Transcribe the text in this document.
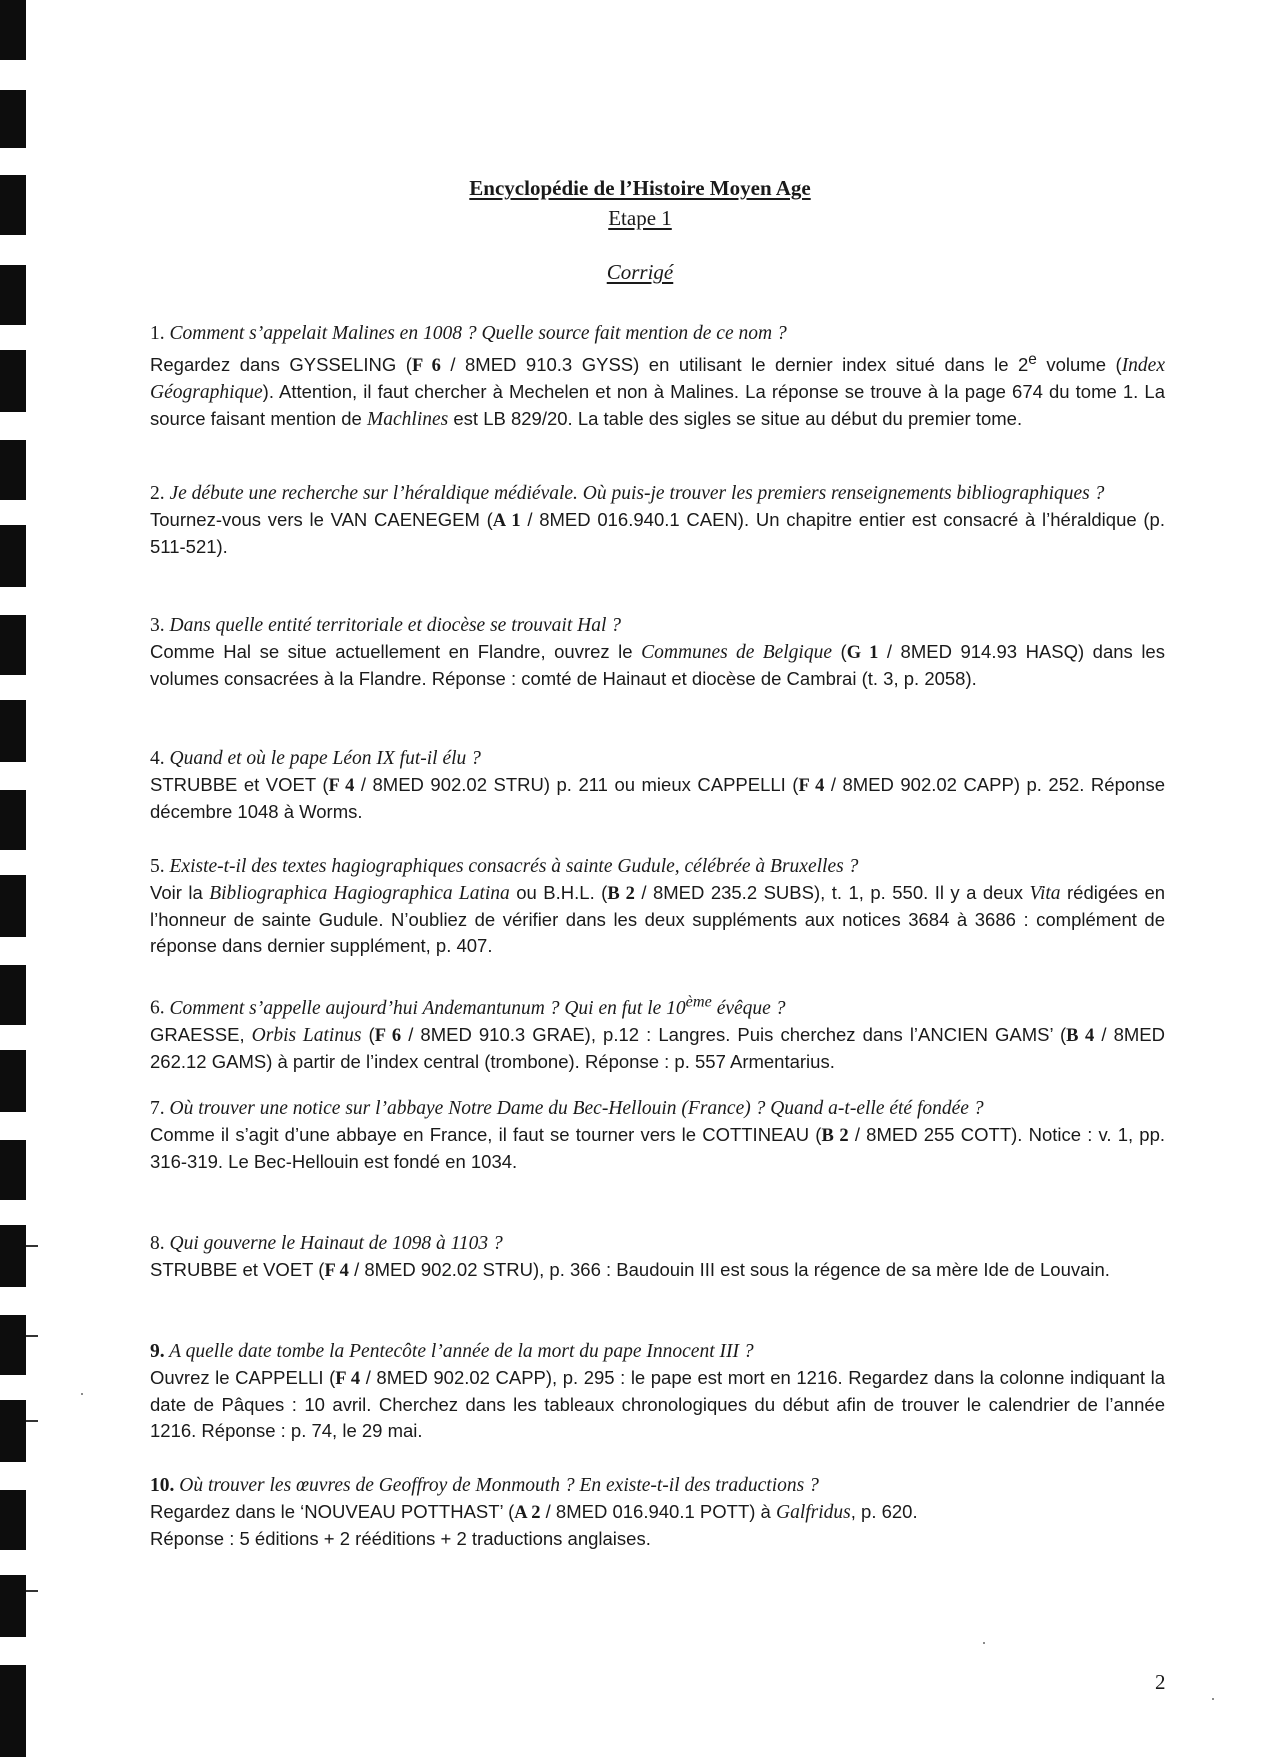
Encyclopédie de l’Histoire Moyen Age
Etape 1
Corrigé

1. Comment s’appelait Malines en 1008 ? Quelle source fait mention de ce nom ?

Regardez dans GYSSELING (F 6 / 8MED 910.3 GYSS) en utilisant le dernier index situé dans le 2e volume (Index Géographique). Attention, il faut chercher à Mechelen et non à Malines. La réponse se trouve à la page 674 du tome 1. La source faisant mention de Machlines est LB 829/20. La table des sigles se situe au début du premier tome.

2. Je débute une recherche sur l’héraldique médiévale. Où puis-je trouver les premiers renseignements bibliographiques ?

Tournez-vous vers le VAN CAENEGEM (A 1 / 8MED 016.940.1 CAEN). Un chapitre entier est consacré à l’héraldique (p. 511-521).

3. Dans quelle entité territoriale et diocèse se trouvait Hal ?

Comme Hal se situe actuellement en Flandre, ouvrez le Communes de Belgique (G 1 / 8MED 914.93 HASQ) dans les volumes consacrées à la Flandre. Réponse : comté de Hainaut et diocèse de Cambrai (t. 3, p. 2058).

4. Quand et où le pape Léon IX fut-il élu ?

STRUBBE et VOET (F 4 / 8MED 902.02 STRU) p. 211 ou mieux CAPPELLI (F 4 / 8MED 902.02 CAPP) p. 252. Réponse décembre 1048 à Worms.

5. Existe-t-il des textes hagiographiques consacrés à sainte Gudule, célébrée à Bruxelles ?

Voir la Bibliographica Hagiographica Latina ou B.H.L. (B 2 / 8MED 235.2 SUBS), t. 1, p. 550. Il y a deux Vita rédigées en l’honneur de sainte Gudule. N’oubliez de vérifier dans les deux suppléments aux notices 3684 à 3686 : complément de réponse dans dernier supplément, p. 407.

6. Comment s’appelle aujourd’hui Andemantunum ? Qui en fut le 10ème évêque ?

GRAESSE, Orbis Latinus (F 6 / 8MED 910.3 GRAE), p.12 : Langres. Puis cherchez dans l’ANCIEN GAMS’ (B 4 / 8MED 262.12 GAMS) à partir de l’index central (trombone). Réponse : p. 557 Armentarius.

7. Où trouver une notice sur l’abbaye Notre Dame du Bec-Hellouin (France) ? Quand a-t-elle été fondée ?

Comme il s’agit d’une abbaye en France, il faut se tourner vers le COTTINEAU (B 2 / 8MED 255 COTT). Notice : v. 1, pp. 316-319. Le Bec-Hellouin est fondé en 1034.

8. Qui gouverne le Hainaut de 1098 à 1103 ?

STRUBBE et VOET (F 4 / 8MED 902.02 STRU), p. 366 : Baudouin III est sous la régence de sa mère Ide de Louvain.

9. A quelle date tombe la Pentecôte l’année de la mort du pape Innocent III ?

Ouvrez le CAPPELLI (F 4 / 8MED 902.02 CAPP), p. 295 : le pape est mort en 1216. Regardez dans la colonne indiquant la date de Pâques : 10 avril. Cherchez dans les tableaux chronologiques du début afin de trouver le calendrier de l’année 1216. Réponse : p. 74, le 29 mai.

10. Où trouver les œuvres de Geoffroy de Monmouth ? En existe-t-il des traductions ?

Regardez dans le ‘NOUVEAU POTTHAST’ (A 2 / 8MED 016.940.1 POTT) à Galfridus, p. 620.
Réponse : 5 éditions + 2 rééditions + 2 traductions anglaises.

2
